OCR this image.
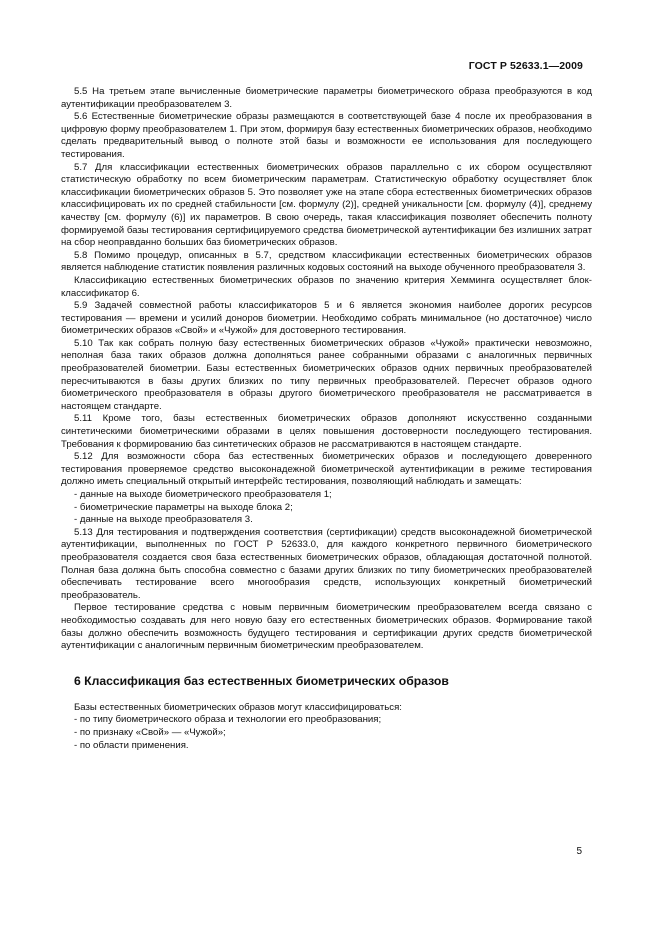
ГОСТ Р 52633.1—2009

5.5 На третьем этапе вычисленные биометрические параметры биометрического образа преобразуются в код аутентификации преобразователем 3.

5.6 Естественные биометрические образы размещаются в соответствующей базе 4 после их преобразования в цифровую форму преобразователем 1. При этом, формируя базу естественных биометрических образов, необходимо сделать предварительный вывод о полноте этой базы и возможности ее использования для последующего тестирования.

5.7 Для классификации естественных биометрических образов параллельно с их сбором осуществляют статистическую обработку по всем биометрическим параметрам. Статистическую обработку осуществляет блок классификации биометрических образов 5. Это позволяет уже на этапе сбора естественных биометрических образов классифицировать их по средней стабильности [см. формулу (2)], средней уникальности [см. формулу (4)], среднему качеству [см. формулу (6)] их параметров. В свою очередь, такая классификация позволяет обеспечить полноту формируемой базы тестирования сертифицируемого средства биометрической аутентификации без излишних затрат на сбор неоправданно больших баз биометрических образов.

5.8 Помимо процедур, описанных в 5.7, средством классификации естественных биометрических образов является наблюдение статистик появления различных кодовых состояний на выходе обученного преобразователя 3.

Классификацию естественных биометрических образов по значению критерия Хемминга осуществляет блок-классификатор 6.

5.9 Задачей совместной работы классификаторов 5 и 6 является экономия наиболее дорогих ресурсов тестирования — времени и усилий доноров биометрии. Необходимо собрать минимальное (но достаточное) число биометрических образов «Свой» и «Чужой» для достоверного тестирования.

5.10 Так как собрать полную базу естественных биометрических образов «Чужой» практически невозможно, неполная база таких образов должна дополняться ранее собранными образами с аналогичных первичных преобразователей биометрии. Базы естественных биометрических образов одних первичных преобразователей пересчитываются в базы других близких по типу первичных преобразователей. Пересчет образов одного биометрического преобразователя в образы другого биометрического преобразователя не рассматривается в настоящем стандарте.

5.11 Кроме того, базы естественных биометрических образов дополняют искусственно созданными синтетическими биометрическими образами в целях повышения достоверности последующего тестирования. Требования к формированию баз синтетических образов не рассматриваются в настоящем стандарте.

5.12 Для возможности сбора баз естественных биометрических образов и последующего доверенного тестирования проверяемое средство высоконадежной биометрической аутентификации в режиме тестирования должно иметь специальный открытый интерфейс тестирования, позволяющий наблюдать и замещать:

- данные на выходе биометрического преобразователя 1;

- биометрические параметры на выходе блока 2;

- данные на выходе преобразователя 3.

5.13 Для тестирования и подтверждения соответствия (сертификации) средств высоконадежной биометрической аутентификации, выполненных по ГОСТ Р 52633.0, для каждого конкретного первичного биометрического преобразователя создается своя база естественных биометрических образов, обладающая достаточной полнотой. Полная база должна быть способна совместно с базами других близких по типу биометрических преобразователей обеспечивать тестирование всего многообразия средств, использующих конкретный биометрический преобразователь.

Первое тестирование средства с новым первичным биометрическим преобразователем всегда связано с необходимостью создавать для него новую базу его естественных биометрических образов. Формирование такой базы должно обеспечить возможность будущего тестирования и сертификации других средств биометрической аутентификации с аналогичным первичным биометрическим преобразователем.

6 Классификация баз естественных биометрических образов

Базы естественных биометрических образов могут классифицироваться:

- по типу биометрического образа и технологии его преобразования;

- по признаку «Свой» — «Чужой»;

- по области применения.

5
